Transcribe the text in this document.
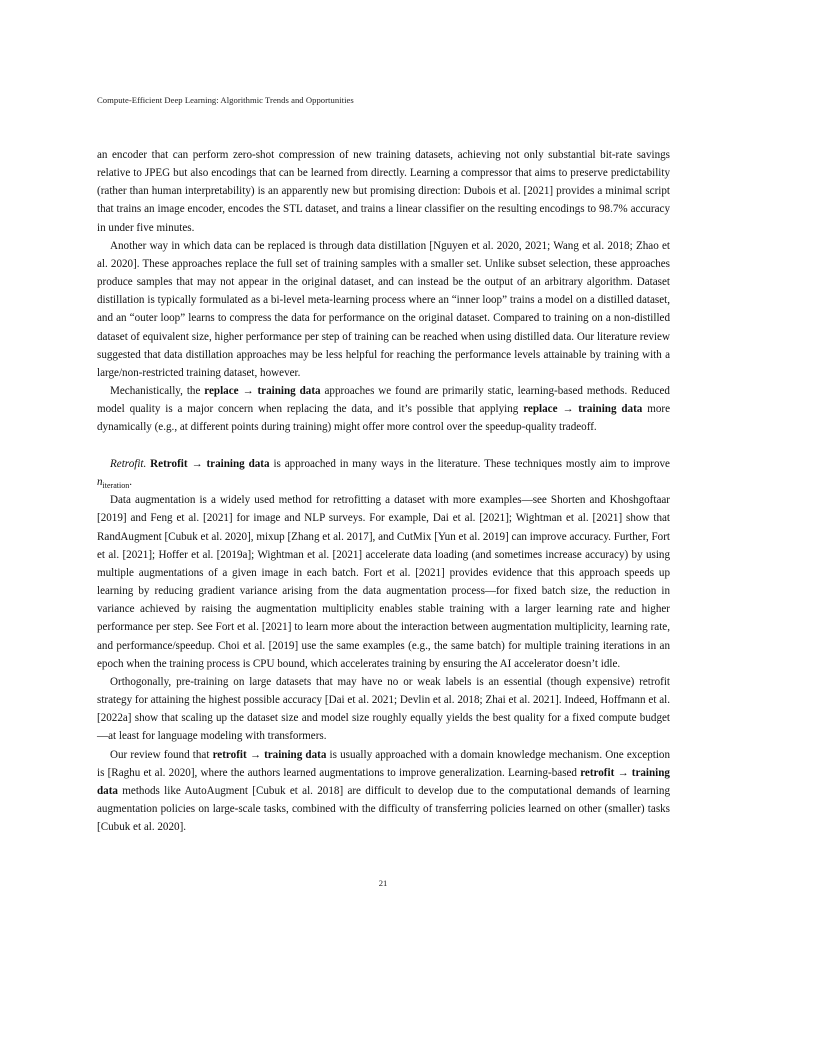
Compute-Efficient Deep Learning: Algorithmic Trends and Opportunities

an encoder that can perform zero-shot compression of new training datasets, achieving not only substantial bit-rate savings relative to JPEG but also encodings that can be learned from directly. Learning a compressor that aims to preserve predictability (rather than human interpretability) is an apparently new but promising direction: Dubois et al. [2021] provides a minimal script that trains an image encoder, encodes the STL dataset, and trains a linear classifier on the resulting encodings to 98.7% accuracy in under five minutes.

Another way in which data can be replaced is through data distillation [Nguyen et al. 2020, 2021; Wang et al. 2018; Zhao et al. 2020]. These approaches replace the full set of training samples with a smaller set. Unlike subset selection, these approaches produce samples that may not appear in the original dataset, and can instead be the output of an arbitrary algorithm. Dataset distillation is typically formulated as a bi-level meta-learning process where an “inner loop” trains a model on a distilled dataset, and an “outer loop” learns to compress the data for performance on the original dataset. Compared to training on a non-distilled dataset of equivalent size, higher performance per step of training can be reached when using distilled data. Our literature review suggested that data distillation approaches may be less helpful for reaching the performance levels attainable by training with a large/non-restricted training dataset, however.

Mechanistically, the replace → training data approaches we found are primarily static, learning-based methods. Reduced model quality is a major concern when replacing the data, and it’s possible that applying replace → training data more dynamically (e.g., at different points during training) might offer more control over the speedup-quality tradeoff.

Retrofit. Retrofit → training data is approached in many ways in the literature. These techniques mostly aim to improve $n_{iteration}$.

Data augmentation is a widely used method for retrofitting a dataset with more examples—see Shorten and Khoshgoftaar [2019] and Feng et al. [2021] for image and NLP surveys. For example, Dai et al. [2021]; Wightman et al. [2021] show that RandAugment [Cubuk et al. 2020], mixup [Zhang et al. 2017], and CutMix [Yun et al. 2019] can improve accuracy. Further, Fort et al. [2021]; Hoffer et al. [2019a]; Wightman et al. [2021] accelerate data loading (and sometimes increase accuracy) by using multiple augmentations of a given image in each batch. Fort et al. [2021] provides evidence that this approach speeds up learning by reducing gradient variance arising from the data augmentation process—for fixed batch size, the reduction in variance achieved by raising the augmentation multiplicity enables stable training with a larger learning rate and higher performance per step. See Fort et al. [2021] to learn more about the interaction between augmentation multiplicity, learning rate, and performance/speedup. Choi et al. [2019] use the same examples (e.g., the same batch) for multiple training iterations in an epoch when the training process is CPU bound, which accelerates training by ensuring the AI accelerator doesn’t idle.

Orthogonally, pre-training on large datasets that may have no or weak labels is an essential (though expensive) retrofit strategy for attaining the highest possible accuracy [Dai et al. 2021; Devlin et al. 2018; Zhai et al. 2021]. Indeed, Hoffmann et al. [2022a] show that scaling up the dataset size and model size roughly equally yields the best quality for a fixed compute budget—at least for language modeling with transformers.

Our review found that retrofit → training data is usually approached with a domain knowledge mechanism. One exception is [Raghu et al. 2020], where the authors learned augmentations to improve generalization. Learning-based retrofit → training data methods like AutoAugment [Cubuk et al. 2018] are difficult to develop due to the computational demands of learning augmentation policies on large-scale tasks, combined with the difficulty of transferring policies learned on other (smaller) tasks [Cubuk et al. 2020].

21
